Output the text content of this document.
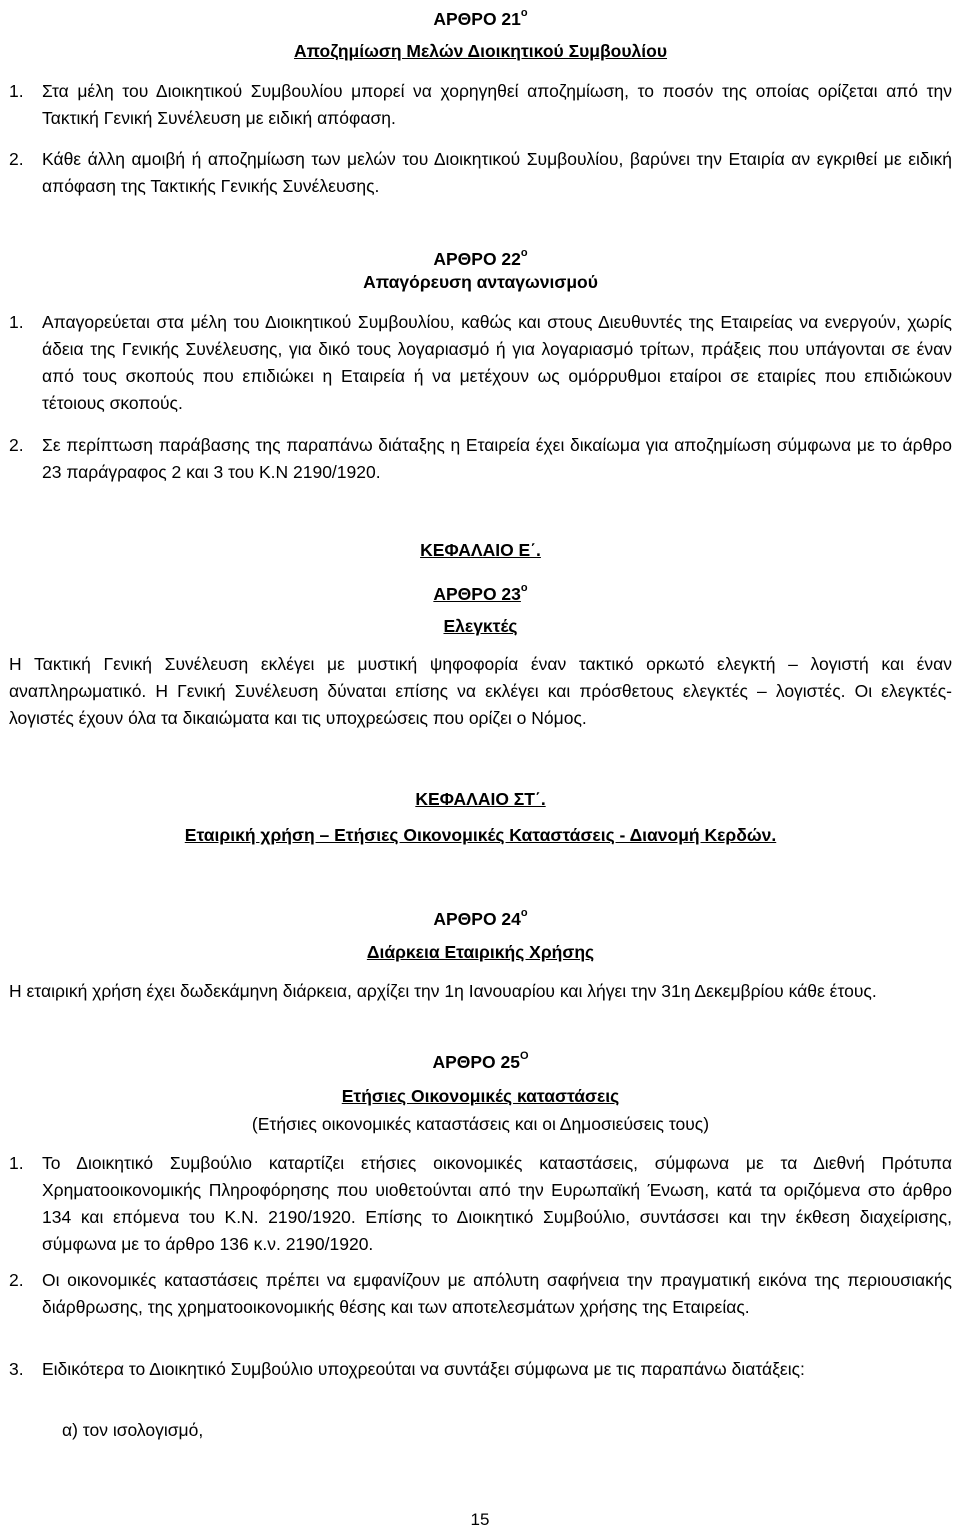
ΑΡΘΡΟ $21^o$
Αποζημίωση Μελών Διοικητικού Συμβουλίου
1.	Στα μέλη του Διοικητικού Συμβουλίου μπορεί να χορηγηθεί αποζημίωση, το ποσόν της οποίας ορίζεται από την Τακτική Γενική Συνέλευση με ειδική απόφαση.
2.	Κάθε άλλη αμοιβή ή αποζημίωση των μελών του Διοικητικού Συμβουλίου, βαρύνει την Εταιρία αν εγκριθεί με ειδική απόφαση της Τακτικής Γενικής Συνέλευσης.
ΑΡΘΡΟ $22^o$
Απαγόρευση ανταγωνισμού
1.	Απαγορεύεται στα μέλη του Διοικητικού Συμβουλίου, καθώς και στους Διευθυντές της Εταιρείας να ενεργούν, χωρίς άδεια της Γενικής Συνέλευσης, για δικό τους λογαριασμό ή για λογαριασμό τρίτων, πράξεις που υπάγονται σε έναν από τους σκοπούς που επιδιώκει η Εταιρεία ή να μετέχουν ως ομόρρυθμοι εταίροι σε εταιρίες που επιδιώκουν τέτοιους σκοπούς.
2.	Σε περίπτωση παράβασης της παραπάνω διάταξης η Εταιρεία έχει δικαίωμα για αποζημίωση σύμφωνα με το άρθρο 23 παράγραφος 2 και 3 του Κ.Ν 2190/1920.
ΚΕΦΑΛΑΙΟ Ε΄.
ΑΡΘΡΟ $23^o$
Ελεγκτές
Η Τακτική Γενική Συνέλευση εκλέγει με μυστική ψηφοφορία έναν τακτικό ορκωτό ελεγκτή – λογιστή και έναν αναπληρωματικό. Η Γενική Συνέλευση δύναται επίσης να εκλέγει και πρόσθετους ελεγκτές – λογιστές. Οι ελεγκτές-λογιστές έχουν όλα τα δικαιώματα και τις υποχρεώσεις που ορίζει ο Νόμος.
ΚΕΦΑΛΑΙΟ ΣΤ΄.
Εταιρική χρήση – Ετήσιες Οικονομικές Καταστάσεις - Διανομή Κερδών.
ΑΡΘΡΟ $24^o$
Διάρκεια Εταιρικής Χρήσης
Η εταιρική χρήση έχει δωδεκάμηνη διάρκεια, αρχίζει την 1η Ιανουαρίου και λήγει την 31η Δεκεμβρίου κάθε έτους.
ΑΡΘΡΟ $25^O$
Ετήσιες Οικονομικές καταστάσεις
(Ετήσιες οικονομικές καταστάσεις και οι Δημοσιεύσεις τους)
1.	Το Διοικητικό Συμβούλιο καταρτίζει ετήσιες οικονομικές καταστάσεις, σύμφωνα με τα Διεθνή Πρότυπα Χρηματοοικονομικής Πληροφόρησης που υιοθετούνται από την Ευρωπαϊκή Ένωση, κατά τα οριζόμενα στο άρθρο 134 και επόμενα του Κ.Ν. 2190/1920. Επίσης το Διοικητικό Συμβούλιο, συντάσσει και την έκθεση διαχείρισης, σύμφωνα με το άρθρο 136 κ.ν. 2190/1920.
2.	Οι οικονομικές καταστάσεις πρέπει να εμφανίζουν με απόλυτη σαφήνεια την πραγματική εικόνα της περιουσιακής διάρθρωσης, της χρηματοοικονομικής θέσης και των αποτελεσμάτων χρήσης της Εταιρείας.
3.	Ειδικότερα το Διοικητικό Συμβούλιο υποχρεούται να συντάξει σύμφωνα με τις παραπάνω διατάξεις:
α) τον ισολογισμό,
15
